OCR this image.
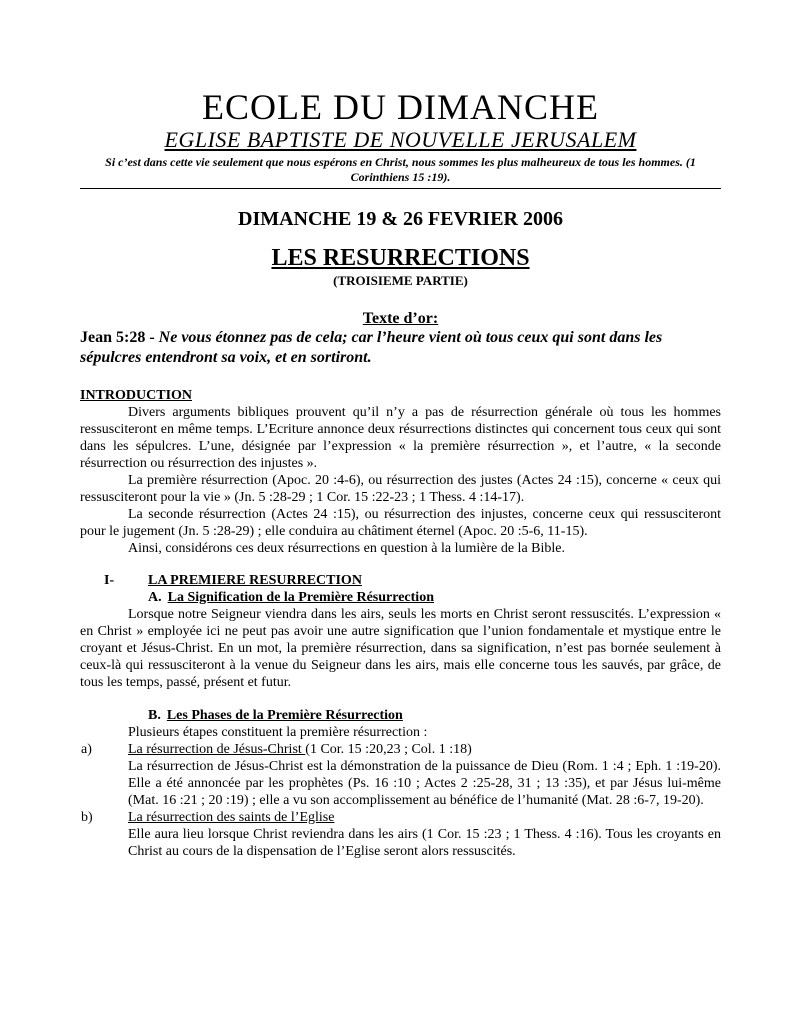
ECOLE DU DIMANCHE
EGLISE BAPTISTE DE NOUVELLE JERUSALEM
Si c’est dans cette vie seulement que nous espérons en Christ, nous sommes les plus malheureux de tous les hommes. (1 Corinthiens 15 :19).
DIMANCHE 19 & 26 FEVRIER 2006
LES RESURRECTIONS
(TROISIEME PARTIE)
Texte d’or:

Jean 5:28 - Ne vous étonnez pas de cela; car l’heure vient où tous ceux qui sont dans les sépulcres entendront sa voix, et en sortiront.

INTRODUCTION

Divers arguments bibliques prouvent qu’il n’y a pas de résurrection générale où tous les hommes ressusciteront en même temps. L’Ecriture annonce deux résurrections distinctes qui concernent tous ceux qui sont dans les sépulcres. L’une, désignée par l’expression « la première résurrection », et l’autre, « la seconde résurrection ou résurrection des injustes ».

La première résurrection (Apoc. 20 :4-6), ou résurrection des justes (Actes 24 :15), concerne « ceux qui ressusciteront pour la vie » (Jn. 5 :28-29 ; 1 Cor. 15 :22-23 ; 1 Thess. 4 :14-17).

La seconde résurrection (Actes 24 :15), ou résurrection des injustes, concerne ceux qui ressusciteront pour le jugement (Jn. 5 :28-29) ; elle conduira au châtiment éternel (Apoc. 20 :5-6, 11-15).

Ainsi, considérons ces deux résurrections en question à la lumière de la Bible.

I-	LA PREMIERE RESURRECTION
A. La Signification de la Première Résurrection

Lorsque notre Seigneur viendra dans les airs, seuls les morts en Christ seront ressuscités. L’expression « en Christ » employée ici ne peut pas avoir une autre signification que l’union fondamentale et mystique entre le croyant et Jésus-Christ. En un mot, la première résurrection, dans sa signification, n’est pas bornée seulement à ceux-là qui ressusciteront à la venue du Seigneur dans les airs, mais elle concerne tous les sauvés, par grâce, de tous les temps, passé, présent et futur.

B. Les Phases de la Première Résurrection
Plusieurs étapes constituent la première résurrection :
a)	La résurrection de Jésus-Christ (1 Cor. 15 :20,23 ; Col. 1 :18)

La résurrection de Jésus-Christ est la démonstration de la puissance de Dieu (Rom. 1 :4 ; Eph. 1 :19-20). Elle a été annoncée par les prophètes (Ps. 16 :10 ; Actes 2 :25-28, 31 ; 13 :35), et par Jésus lui-même (Mat. 16 :21 ; 20 :19) ; elle a vu son accomplissement au bénéfice de l’humanité (Mat. 28 :6-7, 19-20).

b)	La résurrection des saints de l’Eglise

Elle aura lieu lorsque Christ reviendra dans les airs (1 Cor. 15 :23 ; 1 Thess. 4 :16). Tous les croyants en Christ au cours de la dispensation de l’Eglise seront alors ressuscités.
